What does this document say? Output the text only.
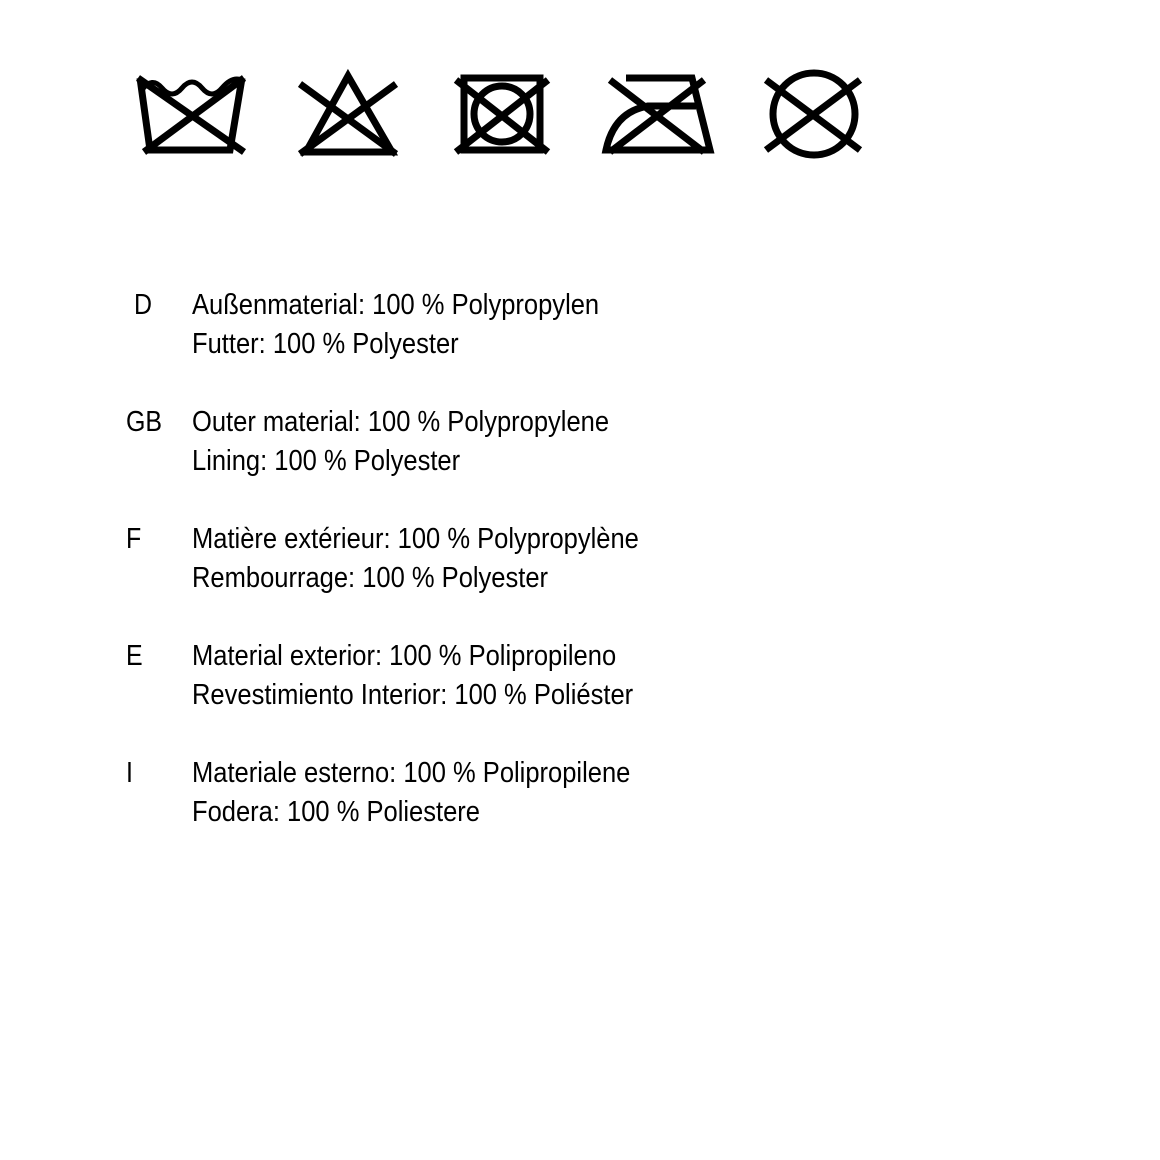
D Außenmaterial: 100 % Polypropylen
Futter: 100 % Polyester
GB Outer material: 100 % Polypropylene
Lining: 100 % Polyester
F Matière extérieur: 100 % Polypropylène
Rembourrage: 100 % Polyester
E Material exterior: 100 % Polipropileno
Revestimiento Interior: 100 % Poliéster
I Materiale esterno: 100 % Polipropilene
Fodera: 100 % Poliestere
